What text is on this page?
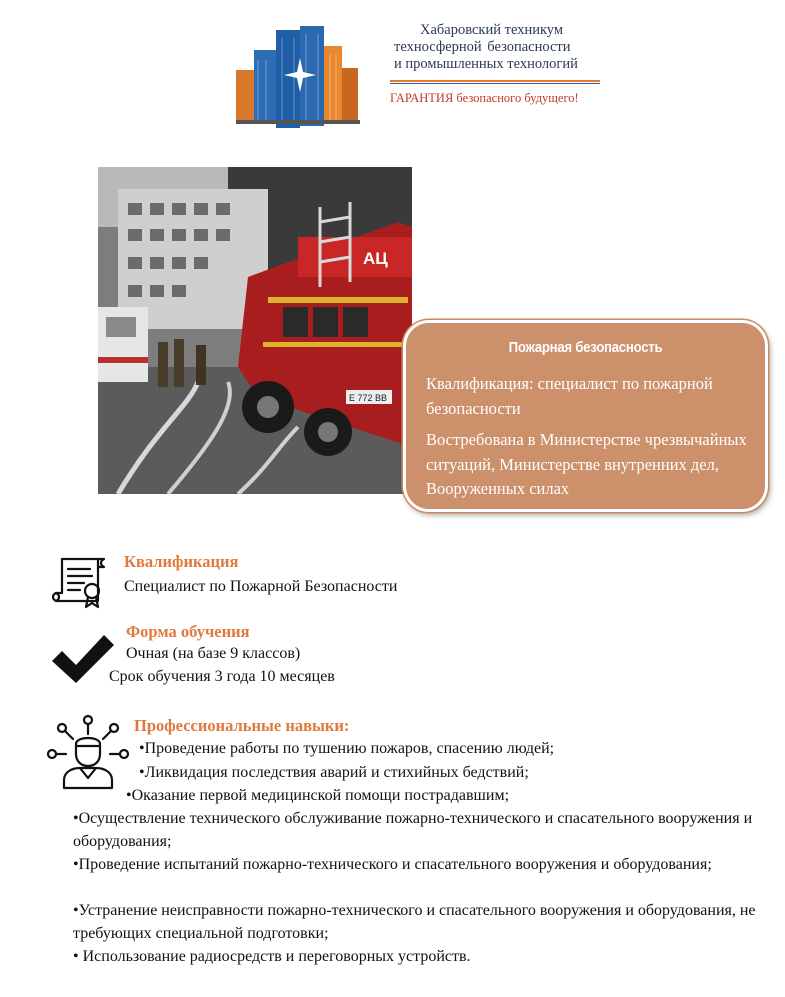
Хабаровский техникум
техносферной безопасности
и промышленных технологий
ГАРАНТИЯ безопасного будущего!
АЦ
Е 772 ВВ
Пожарная безопасность
Квалификация: специалист по пожарной безопасности
Востребована в Министерстве чрезвычайных ситуаций, Министерстве внутренних дел, Вооруженных силах
Квалификация
Специалист по Пожарной Безопасности
Форма обучения
Очная (на базе 9 классов)
Срок обучения 3 года 10 месяцев
Профессиональные навыки:
•Проведение работы по тушению пожаров, спасению людей;
•Ликвидация последствия аварий и стихийных бедствий;
•Оказание первой медицинской помощи пострадавшим;
•Осуществление технического обслуживание пожарно-технического и спасательного вооружения и оборудования;
•Проведение испытаний пожарно-технического и спасательного вооружения и оборудования;
•Устранение неисправности пожарно-технического и спасательного вооружения и оборудования, не требующих специальной подготовки;
• Использование радиосредств и переговорных устройств.
